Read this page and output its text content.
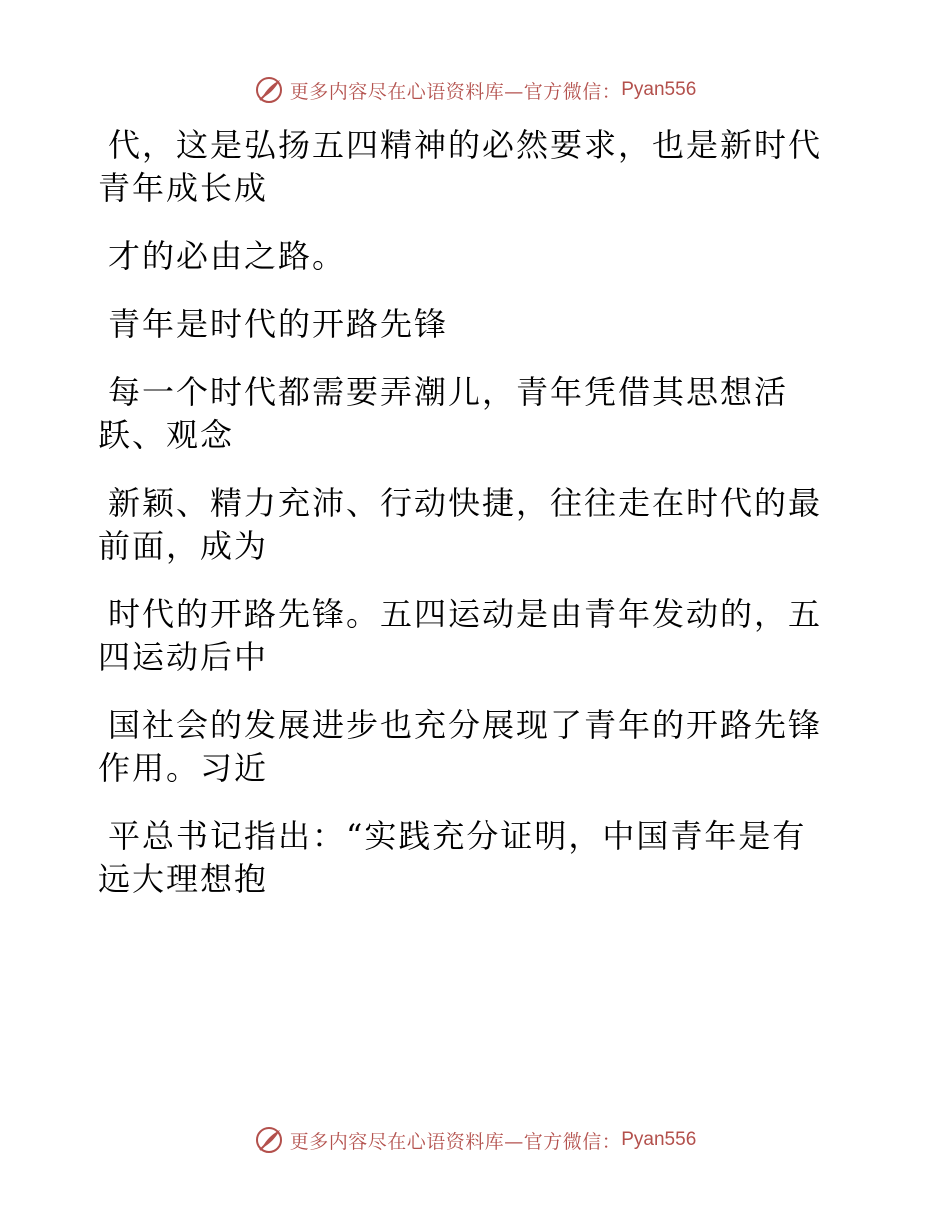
更多内容尽在心语资料库—官方微信： Pyan556

代，这是弘扬五四精神的必然要求，也是新时代
青年成长成

才的必由之路。

青年是时代的开路先锋

每一个时代都需要弄潮儿，青年凭借其思想活
跃、观念

新颖、精力充沛、行动快捷，往往走在时代的最
前面，成为

时代的开路先锋。五四运动是由青年发动的，五
四运动后中

国社会的发展进步也充分展现了青年的开路先锋
作用。习近

平总书记指出：“实践充分证明，中国青年是有
远大理想抱

更多内容尽在心语资料库—官方微信： Pyan556
